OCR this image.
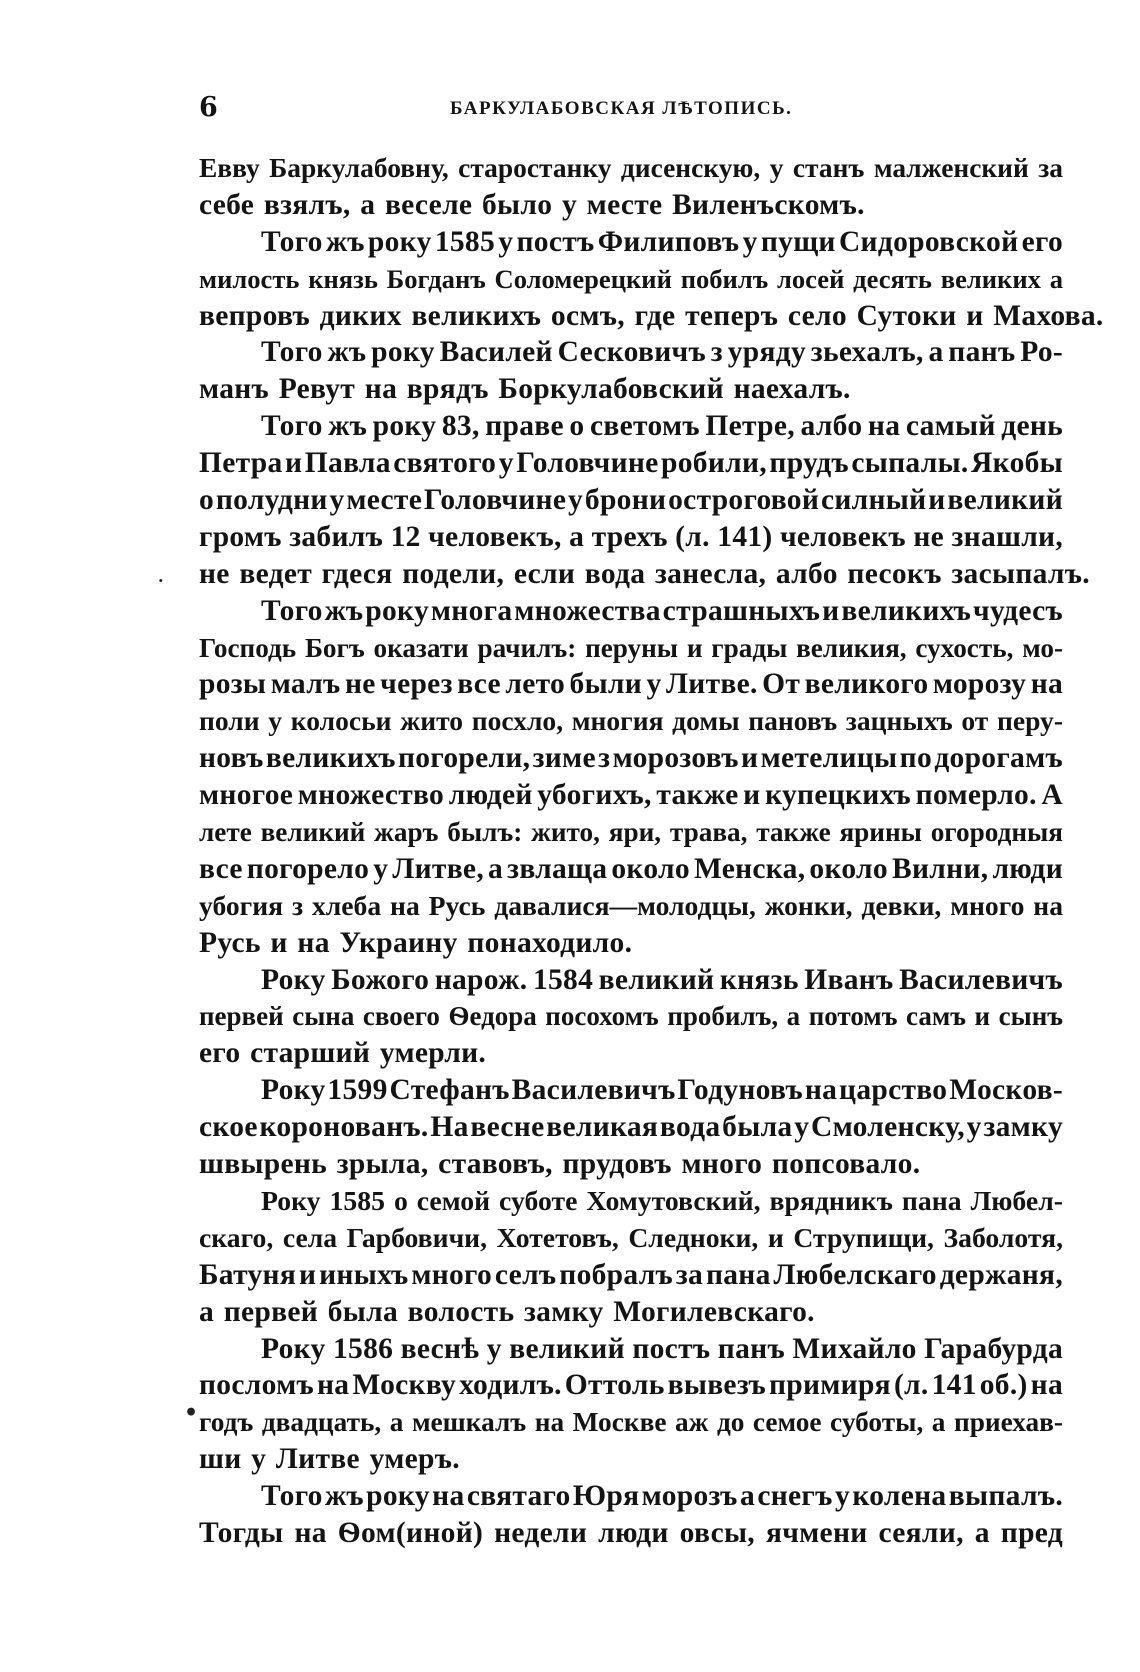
6	БАРКУЛАБОВСКАЯ ЛѢТОПИСЬ.
Евву Баркулабовну, старостанку дисенскую, у станъ малженский за
себе взялъ, а веселе было у месте Виленъскомъ.
Того жъ року 1585 у постъ Филиповъ у пущи Сидоровской его
милость князь Богданъ Соломерецкий побилъ лосей десять великих а
вепровъ диких великихъ осмъ, где теперъ село Сутоки и Махова.
Того жъ року Василей Сесковичъ з уряду зьехалъ, а панъ Ро-
манъ Ревут на врядъ Боркулабовский наехалъ.
Того жъ року 83, праве о светомъ Петре, албо на самый день
Петра и Павла святого у Головчине робили, прудъ сыпалы. Якобы
о полудни у месте Головчине у брони остроговой силный и великий
громъ забилъ 12 человекъ, а трехъ (л. 141) человекъ не знашли,
не ведет гдеся подели, если вода занесла, албо песокъ засыпалъ.
Того жъ року многа множества страшныхъ и великихъ чудесъ
Господь Богъ оказати рачилъ: перуны и грады великия, сухость, мо-
розы малъ не через все лето были у Литве. От великого морозу на
поли у колосьи жито посхло, многия домы пановъ зацныхъ от перу-
новъ великихъ погорели, зиме з морозовъ и метелицы по дорогамъ
многое множество людей убогихъ, также и купецкихъ померло. А
лете великий жаръ былъ: жито, яри, трава, также ярины огородныя
все погорело у Литве, а звлаща около Менска, около Вилни, люди
убогия з хлеба на Русь давалися—молодцы, жонки, девки, много на
Русь и на Украину понаходило.
Року Божого нарож. 1584 великий князь Иванъ Василевичъ
первей сына своего Ѳедора посохомъ пробилъ, а потомъ самъ и сынъ
его старший умерли.
Року 1599 Стефанъ Василевичъ Годуновъ на царство Москов-
ское коронованъ. На весне великая вода была у Смоленску, у замку
швырень зрыла, ставовъ, прудовъ много попсовало.
Року 1585 о семой суботе Хомутовский, врядникъ пана Любел-
скаго, села Гарбовичи, Хотетовъ, Следноки, и Струпищи, Заболотя,
Батуня и иныхъ много селъ побралъ за пана Любелскаго держаня,
а первей была волость замку Могилевскаго.
Року 1586 веснѣ у великий постъ панъ Михайло Гарабурда
посломъ на Москву ходилъ. Оттоль вывезъ примиря (л. 141 об.) на
годъ двадцать, а мешкалъ на Москве аж до семое суботы, а приехав-
ши у Литве умеръ.
Того жъ року на святаго Юря морозъ а снегъ у колена выпалъ.
Тогды на Ѳом(иной) недели люди овсы, ячмени сеяли, а пред
.
•
